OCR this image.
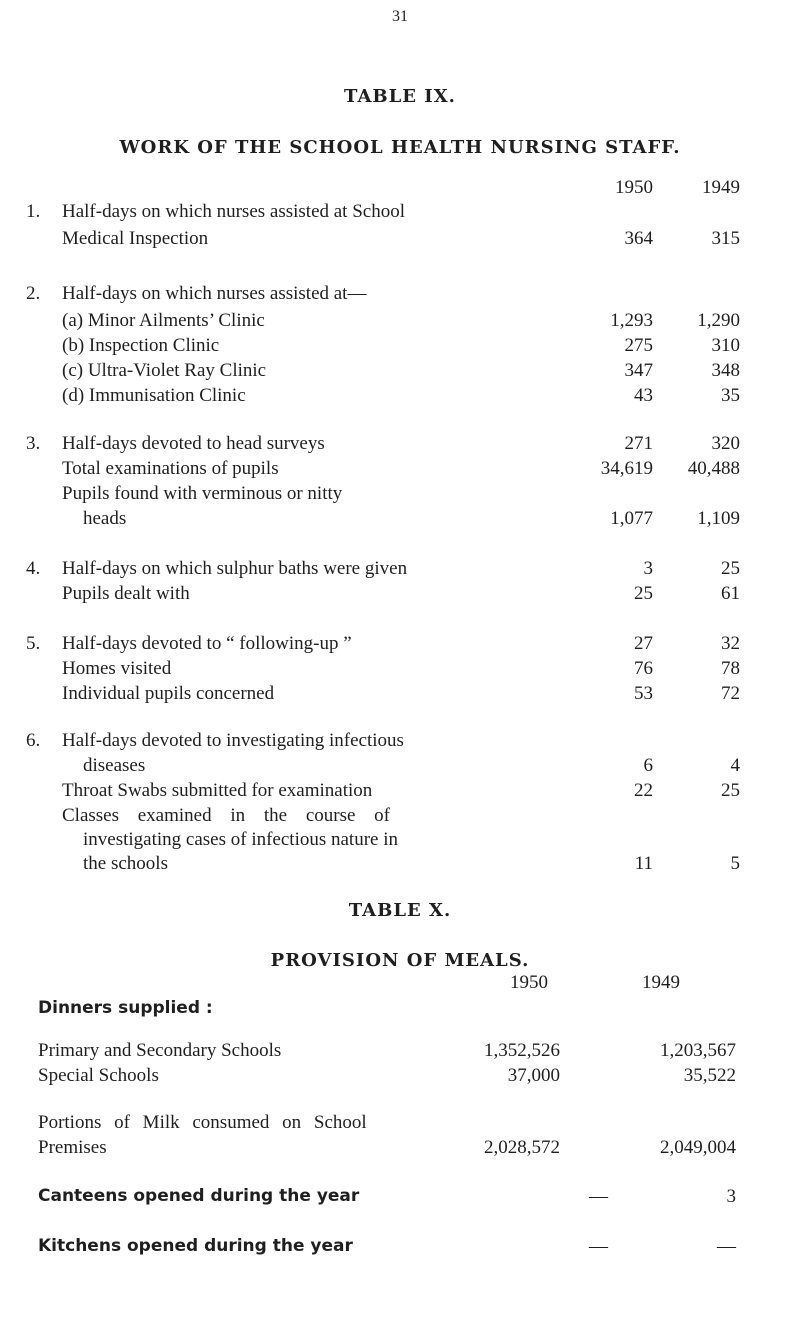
31
TABLE IX.
WORK OF THE SCHOOL HEALTH NURSING STAFF.
1950	1949
1. Half-days on which nurses assisted at School
Medical Inspection	364	315
2. Half-days on which nurses assisted at—
(a) Minor Ailments’ Clinic	1,293 1,290
(b) Inspection Clinic	275	310
(c) Ultra-Violet Ray Clinic	347	348
(d) Immunisation Clinic	43	35
3. Half-days devoted to head surveys	271	320
Total examinations of pupils	34,619 40,488
Pupils found with verminous or nitty
heads	1,077 1,109
4. Half-days on which sulphur baths were given	3	25
Pupils dealt with	25	61
5. Half-days devoted to “ following-up ”	27	32
Homes visited	76	78
Individual pupils concerned	53	72
6. Half-days devoted to investigating infectious
diseases	6	4
Throat Swabs submitted for examination	22	25
Classes examined in the course of
investigating cases of infectious nature in
the schools	11	5
TABLE X.
PROVISION OF MEALS.
1950	1949
Dinners supplied :
Primary and Secondary Schools	1,352,526	1,203,567
Special Schools	37,000	35,522
Portions of Milk consumed on School
Premises	2,028,572	2,049,004
Canteens opened during the year	—	3
Kitchens opened during the year	—	—
